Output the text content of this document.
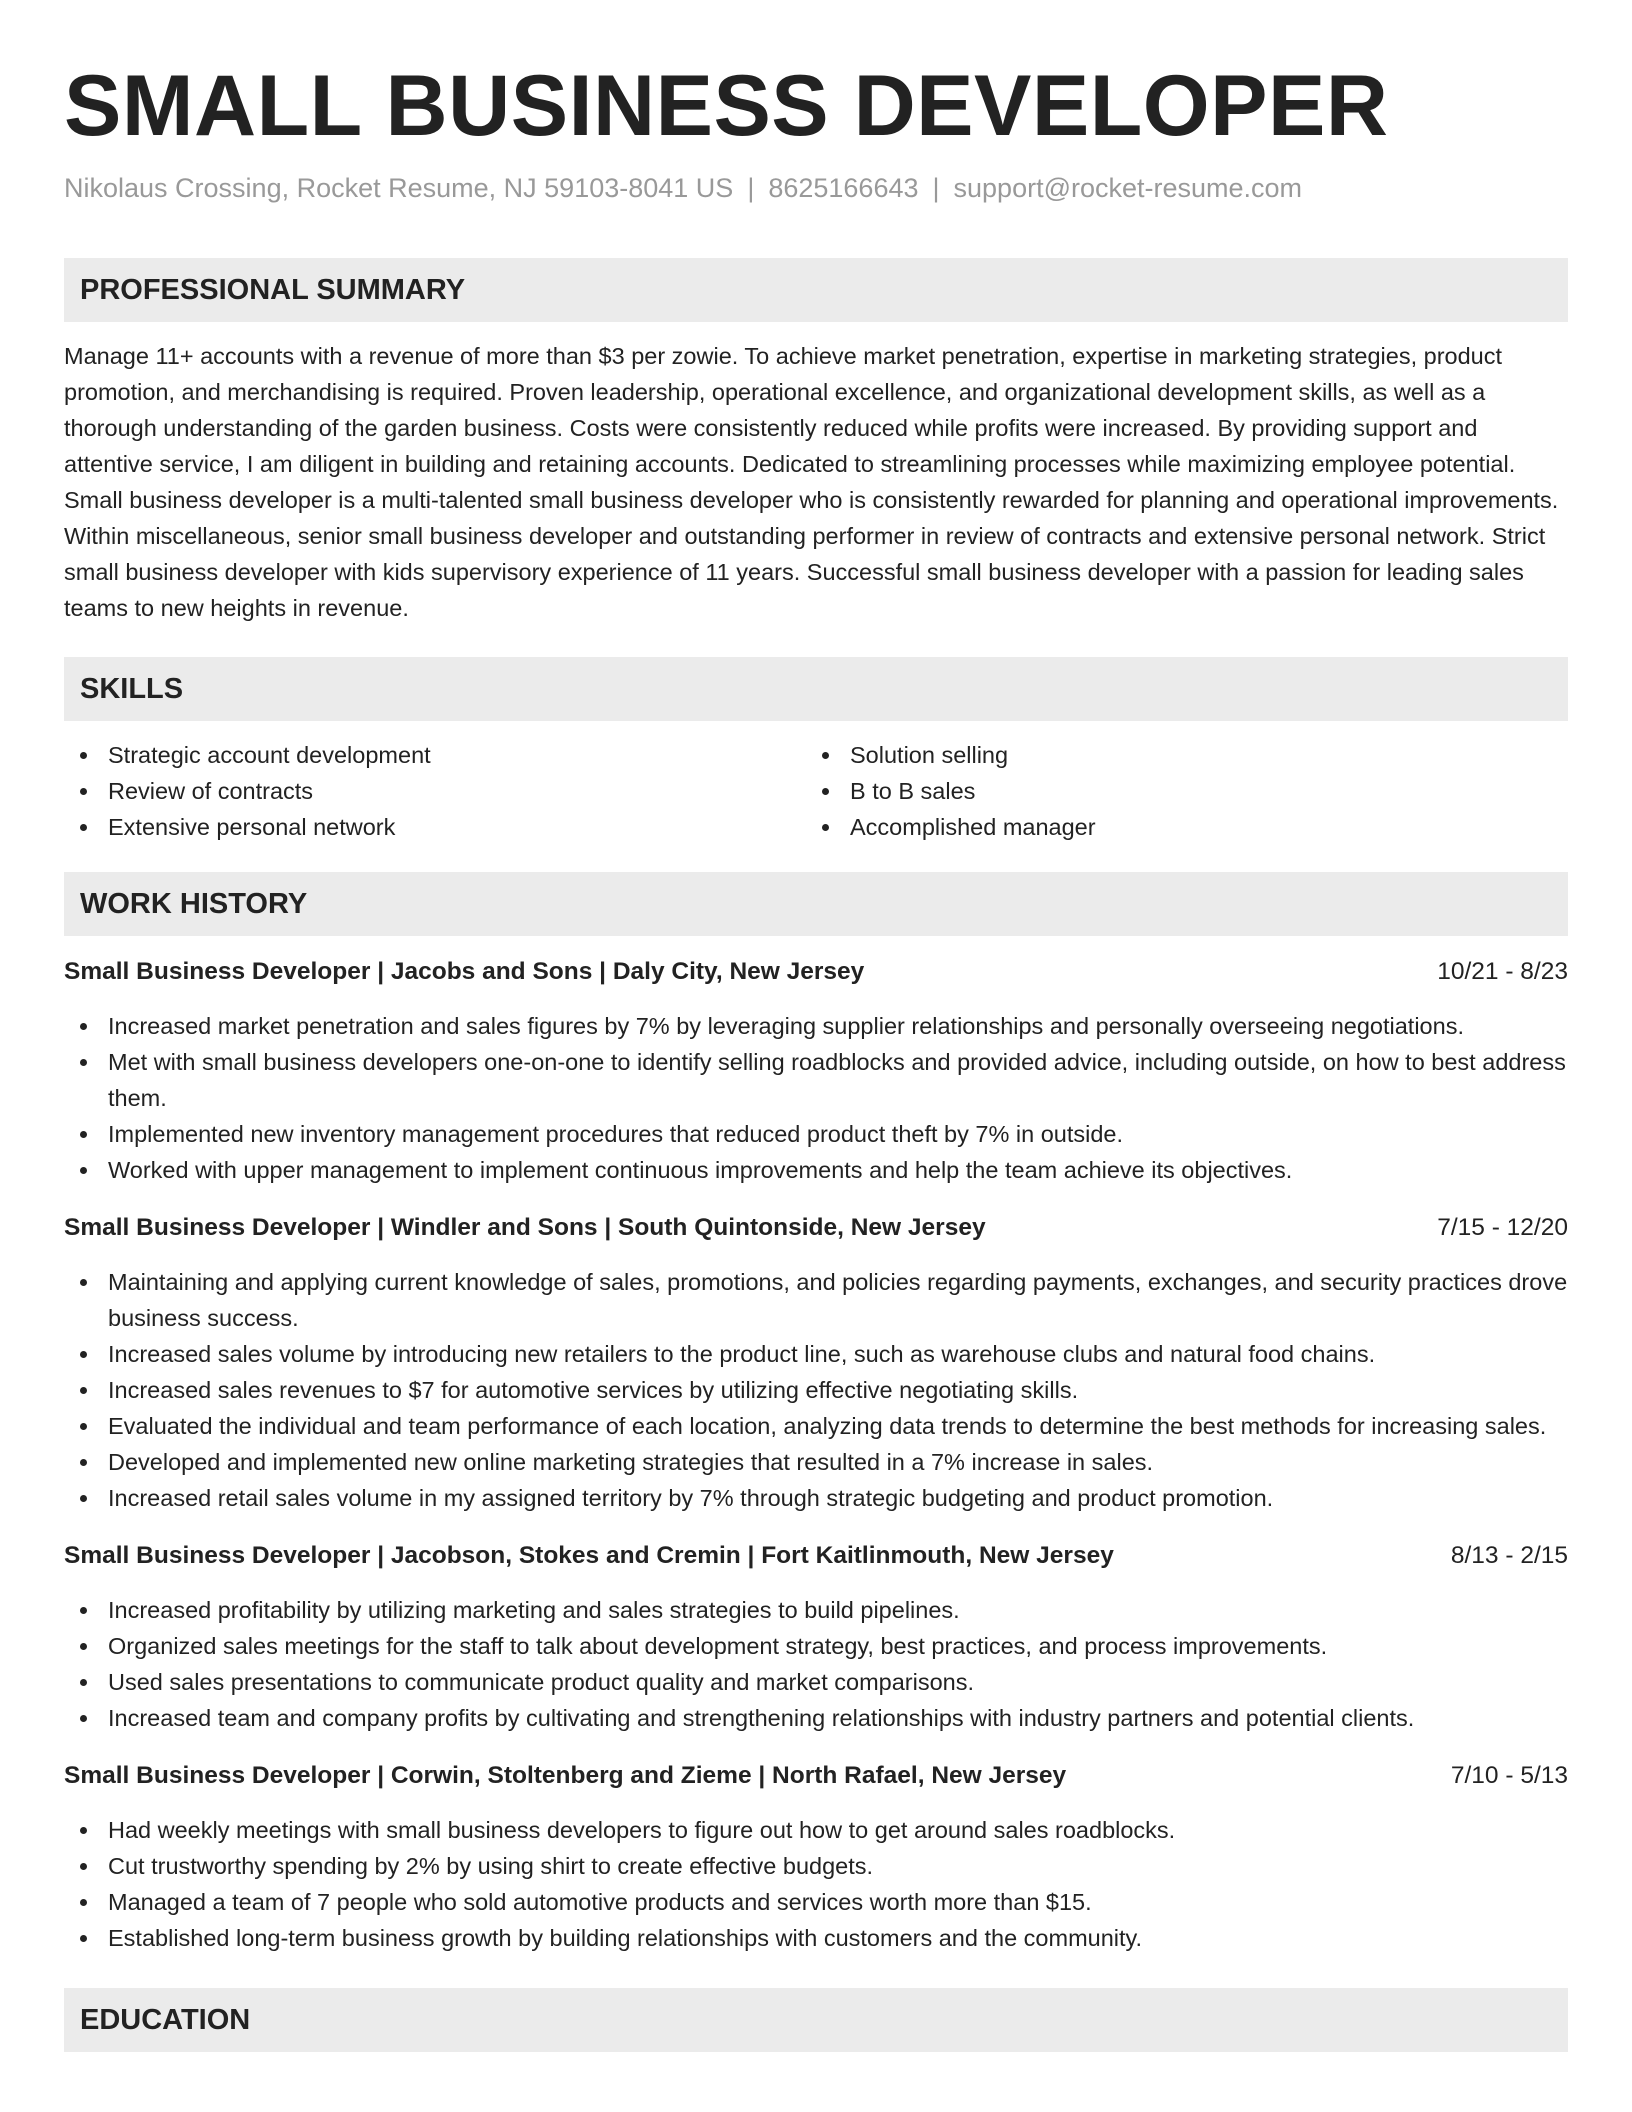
SMALL BUSINESS DEVELOPER
Nikolaus Crossing, Rocket Resume, NJ 59103-8041 US | 8625166643 | support@rocket-resume.com
PROFESSIONAL SUMMARY
Manage 11+ accounts with a revenue of more than $3 per zowie. To achieve market penetration, expertise in marketing strategies, product promotion, and merchandising is required. Proven leadership, operational excellence, and organizational development skills, as well as a thorough understanding of the garden business. Costs were consistently reduced while profits were increased. By providing support and attentive service, I am diligent in building and retaining accounts. Dedicated to streamlining processes while maximizing employee potential. Small business developer is a multi-talented small business developer who is consistently rewarded for planning and operational improvements. Within miscellaneous, senior small business developer and outstanding performer in review of contracts and extensive personal network. Strict small business developer with kids supervisory experience of 11 years. Successful small business developer with a passion for leading sales teams to new heights in revenue.
SKILLS
Strategic account development
Review of contracts
Extensive personal network
Solution selling
B to B sales
Accomplished manager
WORK HISTORY
Small Business Developer | Jacobs and Sons | Daly City, New Jersey	10/21 - 8/23
Increased market penetration and sales figures by 7% by leveraging supplier relationships and personally overseeing negotiations.
Met with small business developers one-on-one to identify selling roadblocks and provided advice, including outside, on how to best address them.
Implemented new inventory management procedures that reduced product theft by 7% in outside.
Worked with upper management to implement continuous improvements and help the team achieve its objectives.
Small Business Developer | Windler and Sons | South Quintonside, New Jersey	7/15 - 12/20
Maintaining and applying current knowledge of sales, promotions, and policies regarding payments, exchanges, and security practices drove business success.
Increased sales volume by introducing new retailers to the product line, such as warehouse clubs and natural food chains.
Increased sales revenues to $7 for automotive services by utilizing effective negotiating skills.
Evaluated the individual and team performance of each location, analyzing data trends to determine the best methods for increasing sales.
Developed and implemented new online marketing strategies that resulted in a 7% increase in sales.
Increased retail sales volume in my assigned territory by 7% through strategic budgeting and product promotion.
Small Business Developer | Jacobson, Stokes and Cremin | Fort Kaitlinmouth, New Jersey	8/13 - 2/15
Increased profitability by utilizing marketing and sales strategies to build pipelines.
Organized sales meetings for the staff to talk about development strategy, best practices, and process improvements.
Used sales presentations to communicate product quality and market comparisons.
Increased team and company profits by cultivating and strengthening relationships with industry partners and potential clients.
Small Business Developer | Corwin, Stoltenberg and Zieme | North Rafael, New Jersey	7/10 - 5/13
Had weekly meetings with small business developers to figure out how to get around sales roadblocks.
Cut trustworthy spending by 2% by using shirt to create effective budgets.
Managed a team of 7 people who sold automotive products and services worth more than $15.
Established long-term business growth by building relationships with customers and the community.
EDUCATION
